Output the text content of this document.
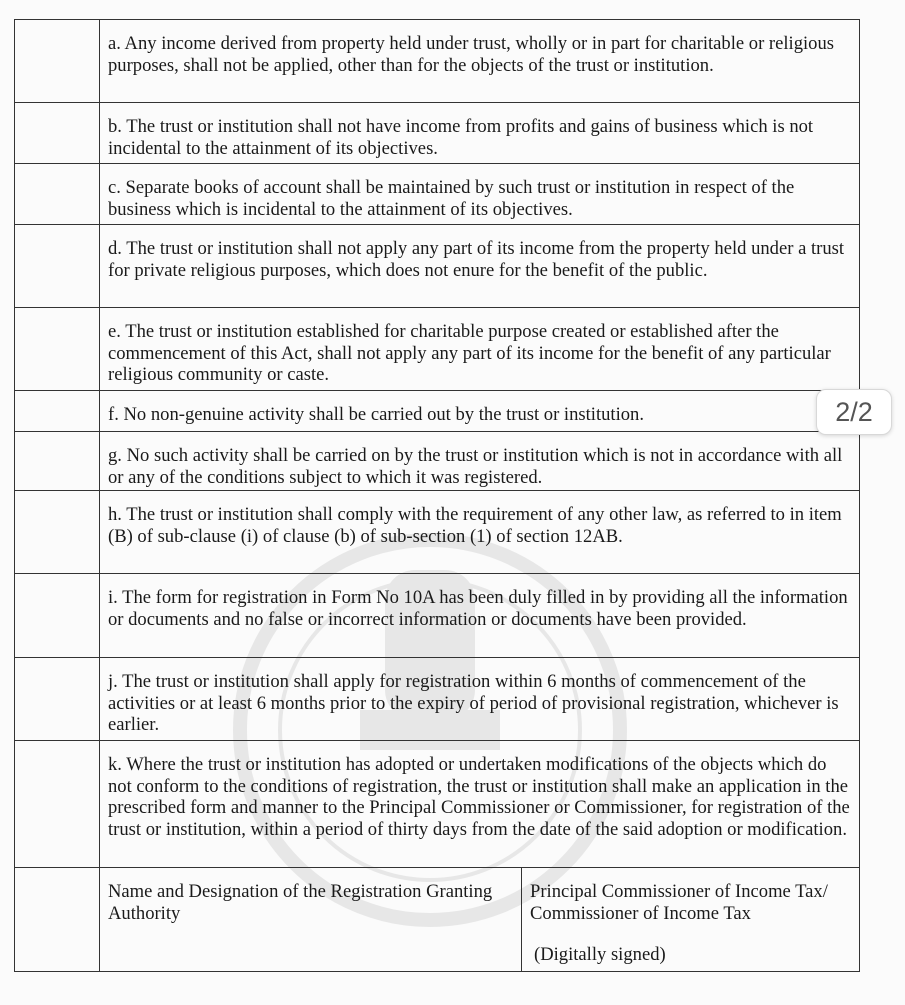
a. Any income derived from property held under trust, wholly or in part for charitable or religious purposes, shall not be applied, other than for the objects of the trust or institution.
b. The trust or institution shall not have income from profits and gains of business which is not incidental to the attainment of its objectives.
c. Separate books of account shall be maintained by such trust or institution in respect of the business which is incidental to the attainment of its objectives.
d. The trust or institution shall not apply any part of its income from the property held under a trust for private religious purposes, which does not enure for the benefit of the public.
e. The trust or institution established for charitable purpose created or established after the commencement of this Act, shall not apply any part of its income for the benefit of any particular religious community or caste.
f. No non-genuine activity shall be carried out by the trust or institution.
g. No such activity shall be carried on by the trust or institution which is not in accordance with all or any of the conditions subject to which it was registered.
h. The trust or institution shall comply with the requirement of any other law, as referred to in item (B) of sub-clause (i) of clause (b) of sub-section (1) of section 12AB.
i. The form for registration in Form No 10A has been duly filled in by providing all the information or documents and no false or incorrect information or documents have been provided.
j. The trust or institution shall apply for registration within 6 months of commencement of the activities or at least 6 months prior to the expiry of period of provisional registration, whichever is earlier.
k. Where the trust or institution has adopted or undertaken modifications of the objects which do not conform to the conditions of registration, the trust or institution shall make an application in the prescribed form and manner to the Principal Commissioner or Commissioner, for registration of the trust or institution, within a period of thirty days from the date of the said adoption or modification.
Name and Designation of the Registration Granting Authority
Principal Commissioner of Income Tax/ Commissioner of Income Tax
(Digitally signed)
2/2
